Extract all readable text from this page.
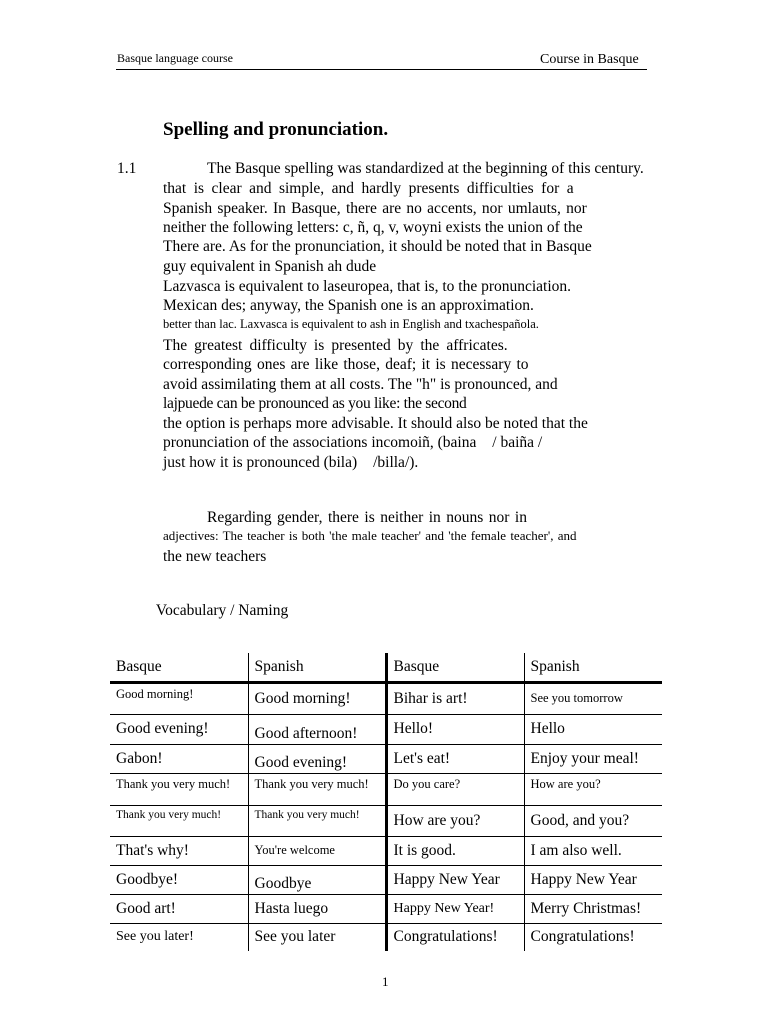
Basque language course	Course in Basque
Spelling and pronunciation.
1.1	The Basque spelling was standardized at the beginning of this century.
that is clear and simple, and hardly presents difficulties for a
Spanish speaker. In Basque, there are no accents, nor umlauts, nor
neither the following letters: c, ñ, q, v, woyni exists the union of the
There are. As for the pronunciation, it should be noted that in Basque
guy equivalent in Spanish ah dude
Lazvasca is equivalent to laseuropea, that is, to the pronunciation.
Mexican des; anyway, the Spanish one is an approximation.
better than lac. Laxvasca is equivalent to ash in English and txachespañola.
The greatest difficulty is presented by the affricates.
corresponding ones are like those, deaf; it is necessary to
avoid assimilating them at all costs. The "h" is pronounced, and
lajpuede can be pronounced as you like: the second
the option is perhaps more advisable. It should also be noted that the
pronunciation of the associations incomoiñ, (baina / baiña /
just how it is pronounced (bila) /billa/).
Regarding gender, there is neither in nouns nor in
adjectives: The teacher is both 'the male teacher' and 'the female teacher', and
the new teachers
Vocabulary / Naming
Basque	Spanish	Basque	Spanish
Good morning!	Good morning!	Bihar is art!	See you tomorrow
Good evening!	Good afternoon!	Hello!	Hello
Gabon!	Good evening!	Let's eat!	Enjoy your meal!
Thank you very much!	Thank you very much!	Do you care?	How are you?
Thank you very much!	Thank you very much!	How are you?	Good, and you?
That's why!	You're welcome	It is good.	I am also well.
Goodbye!	Goodbye	Happy New Year	Happy New Year
Good art!	Hasta luego	Happy New Year!	Merry Christmas!
See you later!	See you later	Congratulations!	Congratulations!
1
